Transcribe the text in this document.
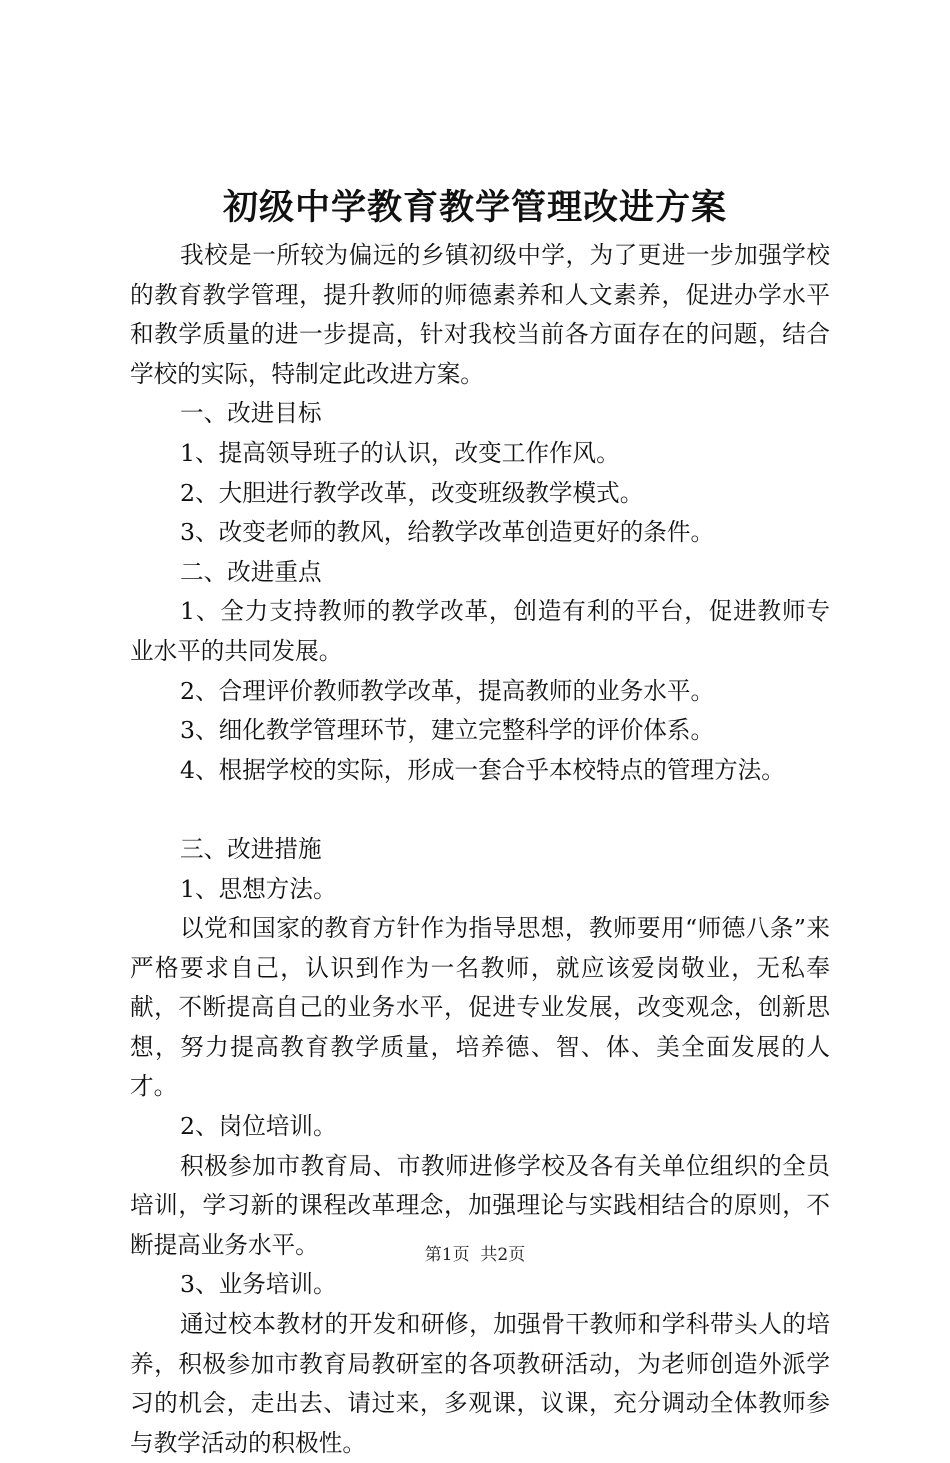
初级中学教育教学管理改进方案

我校是一所较为偏远的乡镇初级中学，为了更进一步加强学校的教育教学管理，提升教师的师德素养和人文素养，促进办学水平和教学质量的进一步提高，针对我校当前各方面存在的问题，结合学校的实际，特制定此改进方案。

一、改进目标

1、提高领导班子的认识，改变工作作风。

2、大胆进行教学改革，改变班级教学模式。

3、改变老师的教风，给教学改革创造更好的条件。

二、改进重点

1、全力支持教师的教学改革，创造有利的平台，促进教师专业水平的共同发展。

2、合理评价教师教学改革，提高教师的业务水平。

3、细化教学管理环节，建立完整科学的评价体系。

4、根据学校的实际，形成一套合乎本校特点的管理方法。

三、改进措施

1、思想方法。

以党和国家的教育方针作为指导思想，教师要用“师德八条”来严格要求自己，认识到作为一名教师，就应该爱岗敬业，无私奉献，不断提高自己的业务水平，促进专业发展，改变观念，创新思想，努力提高教育教学质量，培养德、智、体、美全面发展的人才。

2、岗位培训。

积极参加市教育局、市教师进修学校及各有关单位组织的全员培训，学习新的课程改革理念，加强理论与实践相结合的原则，不断提高业务水平。

3、业务培训。

通过校本教材的开发和研修，加强骨干教师和学科带头人的培养，积极参加市教育局教研室的各项教研活动，为老师创造外派学习的机会，走出去、请过来，多观课，议课，充分调动全体教师参与教学活动的积极性。

第1页  共2页
